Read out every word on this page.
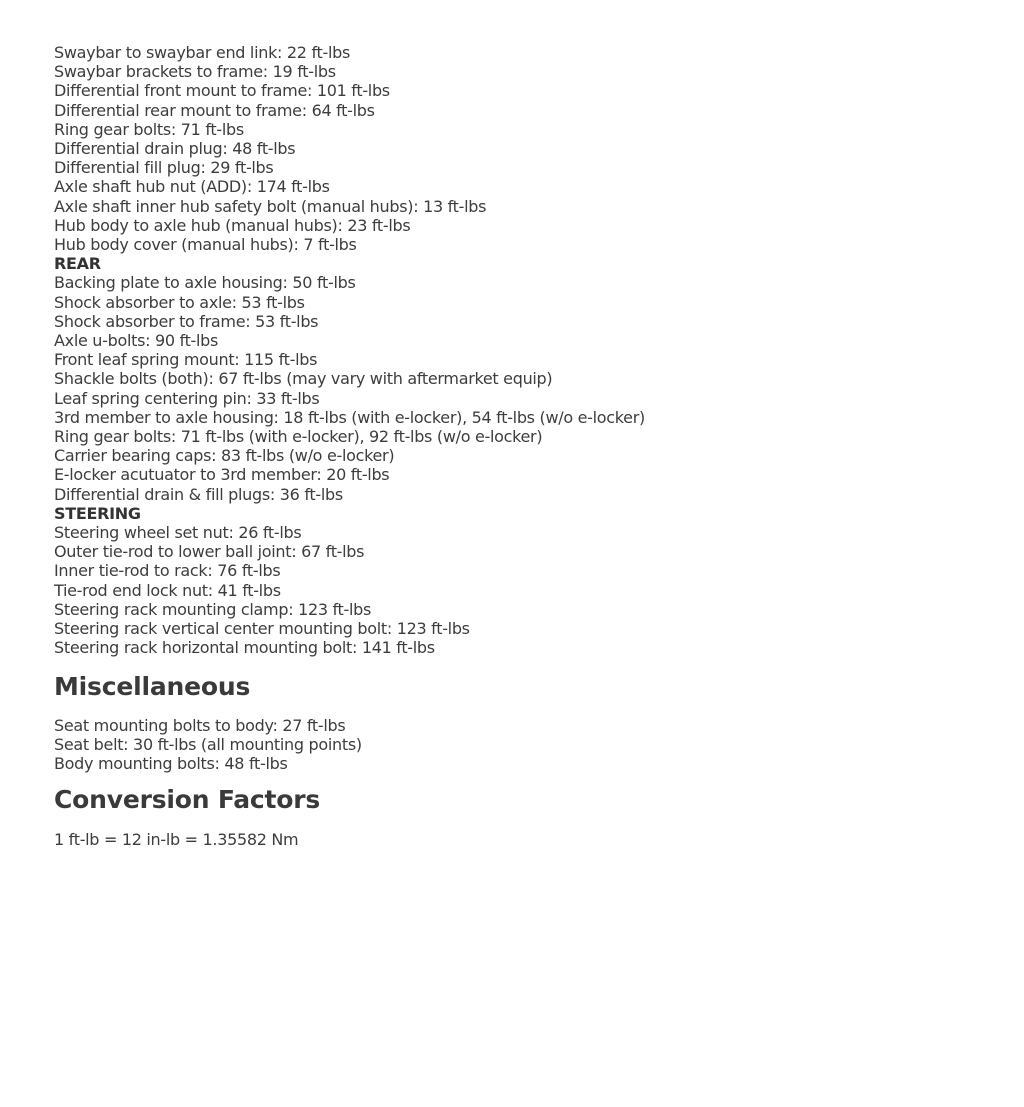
Swaybar to swaybar end link: 22 ft-lbs
Swaybar brackets to frame: 19 ft-lbs
Differential front mount to frame: 101 ft-lbs
Differential rear mount to frame: 64 ft-lbs
Ring gear bolts: 71 ft-lbs
Differential drain plug: 48 ft-lbs
Differential fill plug: 29 ft-lbs
Axle shaft hub nut (ADD): 174 ft-lbs
Axle shaft inner hub safety bolt (manual hubs): 13 ft-lbs
Hub body to axle hub (manual hubs): 23 ft-lbs
Hub body cover (manual hubs): 7 ft-lbs
REAR
Backing plate to axle housing: 50 ft-lbs
Shock absorber to axle: 53 ft-lbs
Shock absorber to frame: 53 ft-lbs
Axle u-bolts: 90 ft-lbs
Front leaf spring mount: 115 ft-lbs
Shackle bolts (both): 67 ft-lbs (may vary with aftermarket equip)
Leaf spring centering pin: 33 ft-lbs
3rd member to axle housing: 18 ft-lbs (with e-locker), 54 ft-lbs (w/o e-locker)
Ring gear bolts: 71 ft-lbs (with e-locker), 92 ft-lbs (w/o e-locker)
Carrier bearing caps: 83 ft-lbs (w/o e-locker)
E-locker acutuator to 3rd member: 20 ft-lbs
Differential drain & fill plugs: 36 ft-lbs
STEERING
Steering wheel set nut: 26 ft-lbs
Outer tie-rod to lower ball joint: 67 ft-lbs
Inner tie-rod to rack: 76 ft-lbs
Tie-rod end lock nut: 41 ft-lbs
Steering rack mounting clamp: 123 ft-lbs
Steering rack vertical center mounting bolt: 123 ft-lbs
Steering rack horizontal mounting bolt: 141 ft-lbs
Miscellaneous
Seat mounting bolts to body: 27 ft-lbs
Seat belt: 30 ft-lbs (all mounting points)
Body mounting bolts: 48 ft-lbs
Conversion Factors
1 ft-lb = 12 in-lb = 1.35582 Nm
